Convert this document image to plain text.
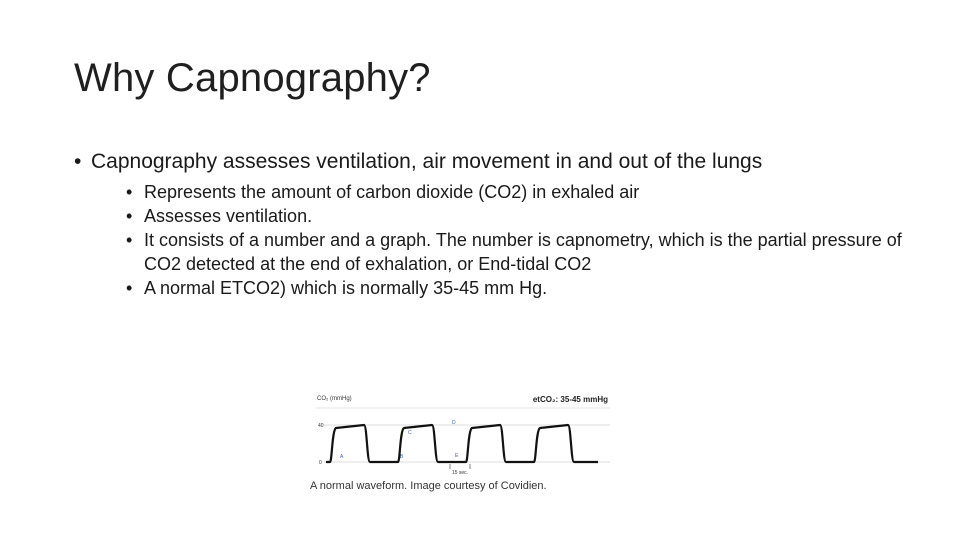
Why Capnography?
• Capnography assesses ventilation, air movement in and out of the lungs
• Represents the amount of carbon dioxide (CO2) in exhaled air
• Assesses ventilation.
• It consists of a number and a graph. The number is capnometry, which is the partial pressure of CO2 detected at the end of exhalation, or End-tidal CO2
• A normal ETCO2) which is normally 35-45 mm Hg.
CO₂ (mmHg)	etCO₂: 35-45 mmHg
40
0
A	B
C
D
E
15 sec.
A normal waveform. Image courtesy of Covidien.
